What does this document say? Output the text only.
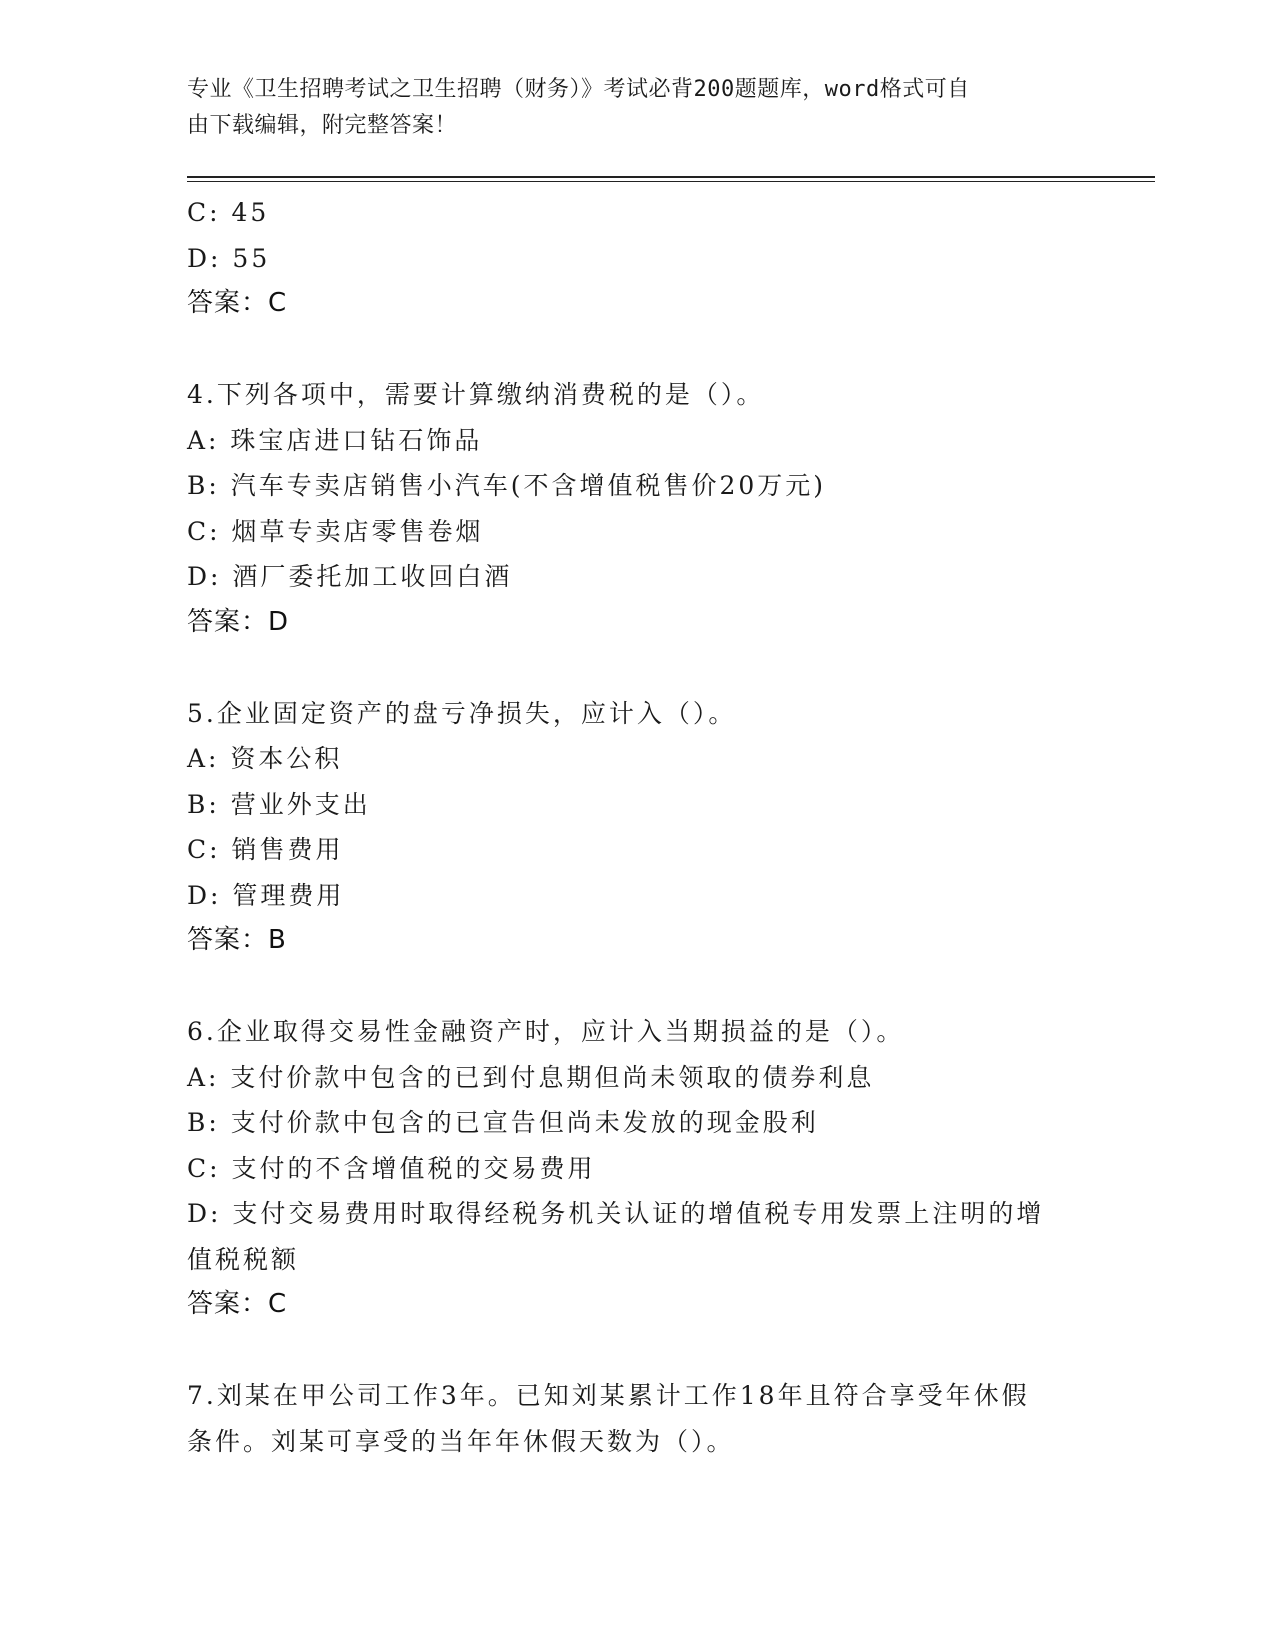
专业《卫生招聘考试之卫生招聘（财务）》考试必背200题题库，word格式可自
由下载编辑，附完整答案！
C: 45
D: 55
答案：C
4.下列各项中，需要计算缴纳消费税的是（）。
A: 珠宝店进口钻石饰品
B: 汽车专卖店销售小汽车(不含增值税售价20万元)
C: 烟草专卖店零售卷烟
D: 酒厂委托加工收回白酒
答案：D
5.企业固定资产的盘亏净损失，应计入（）。
A: 资本公积
B: 营业外支出
C: 销售费用
D: 管理费用
答案：B
6.企业取得交易性金融资产时，应计入当期损益的是（）。
A: 支付价款中包含的已到付息期但尚未领取的债券利息
B: 支付价款中包含的已宣告但尚未发放的现金股利
C: 支付的不含增值税的交易费用
D: 支付交易费用时取得经税务机关认证的增值税专用发票上注明的增
值税税额
答案：C
7.刘某在甲公司工作3年。已知刘某累计工作18年且符合享受年休假
条件。刘某可享受的当年年休假天数为（）。
